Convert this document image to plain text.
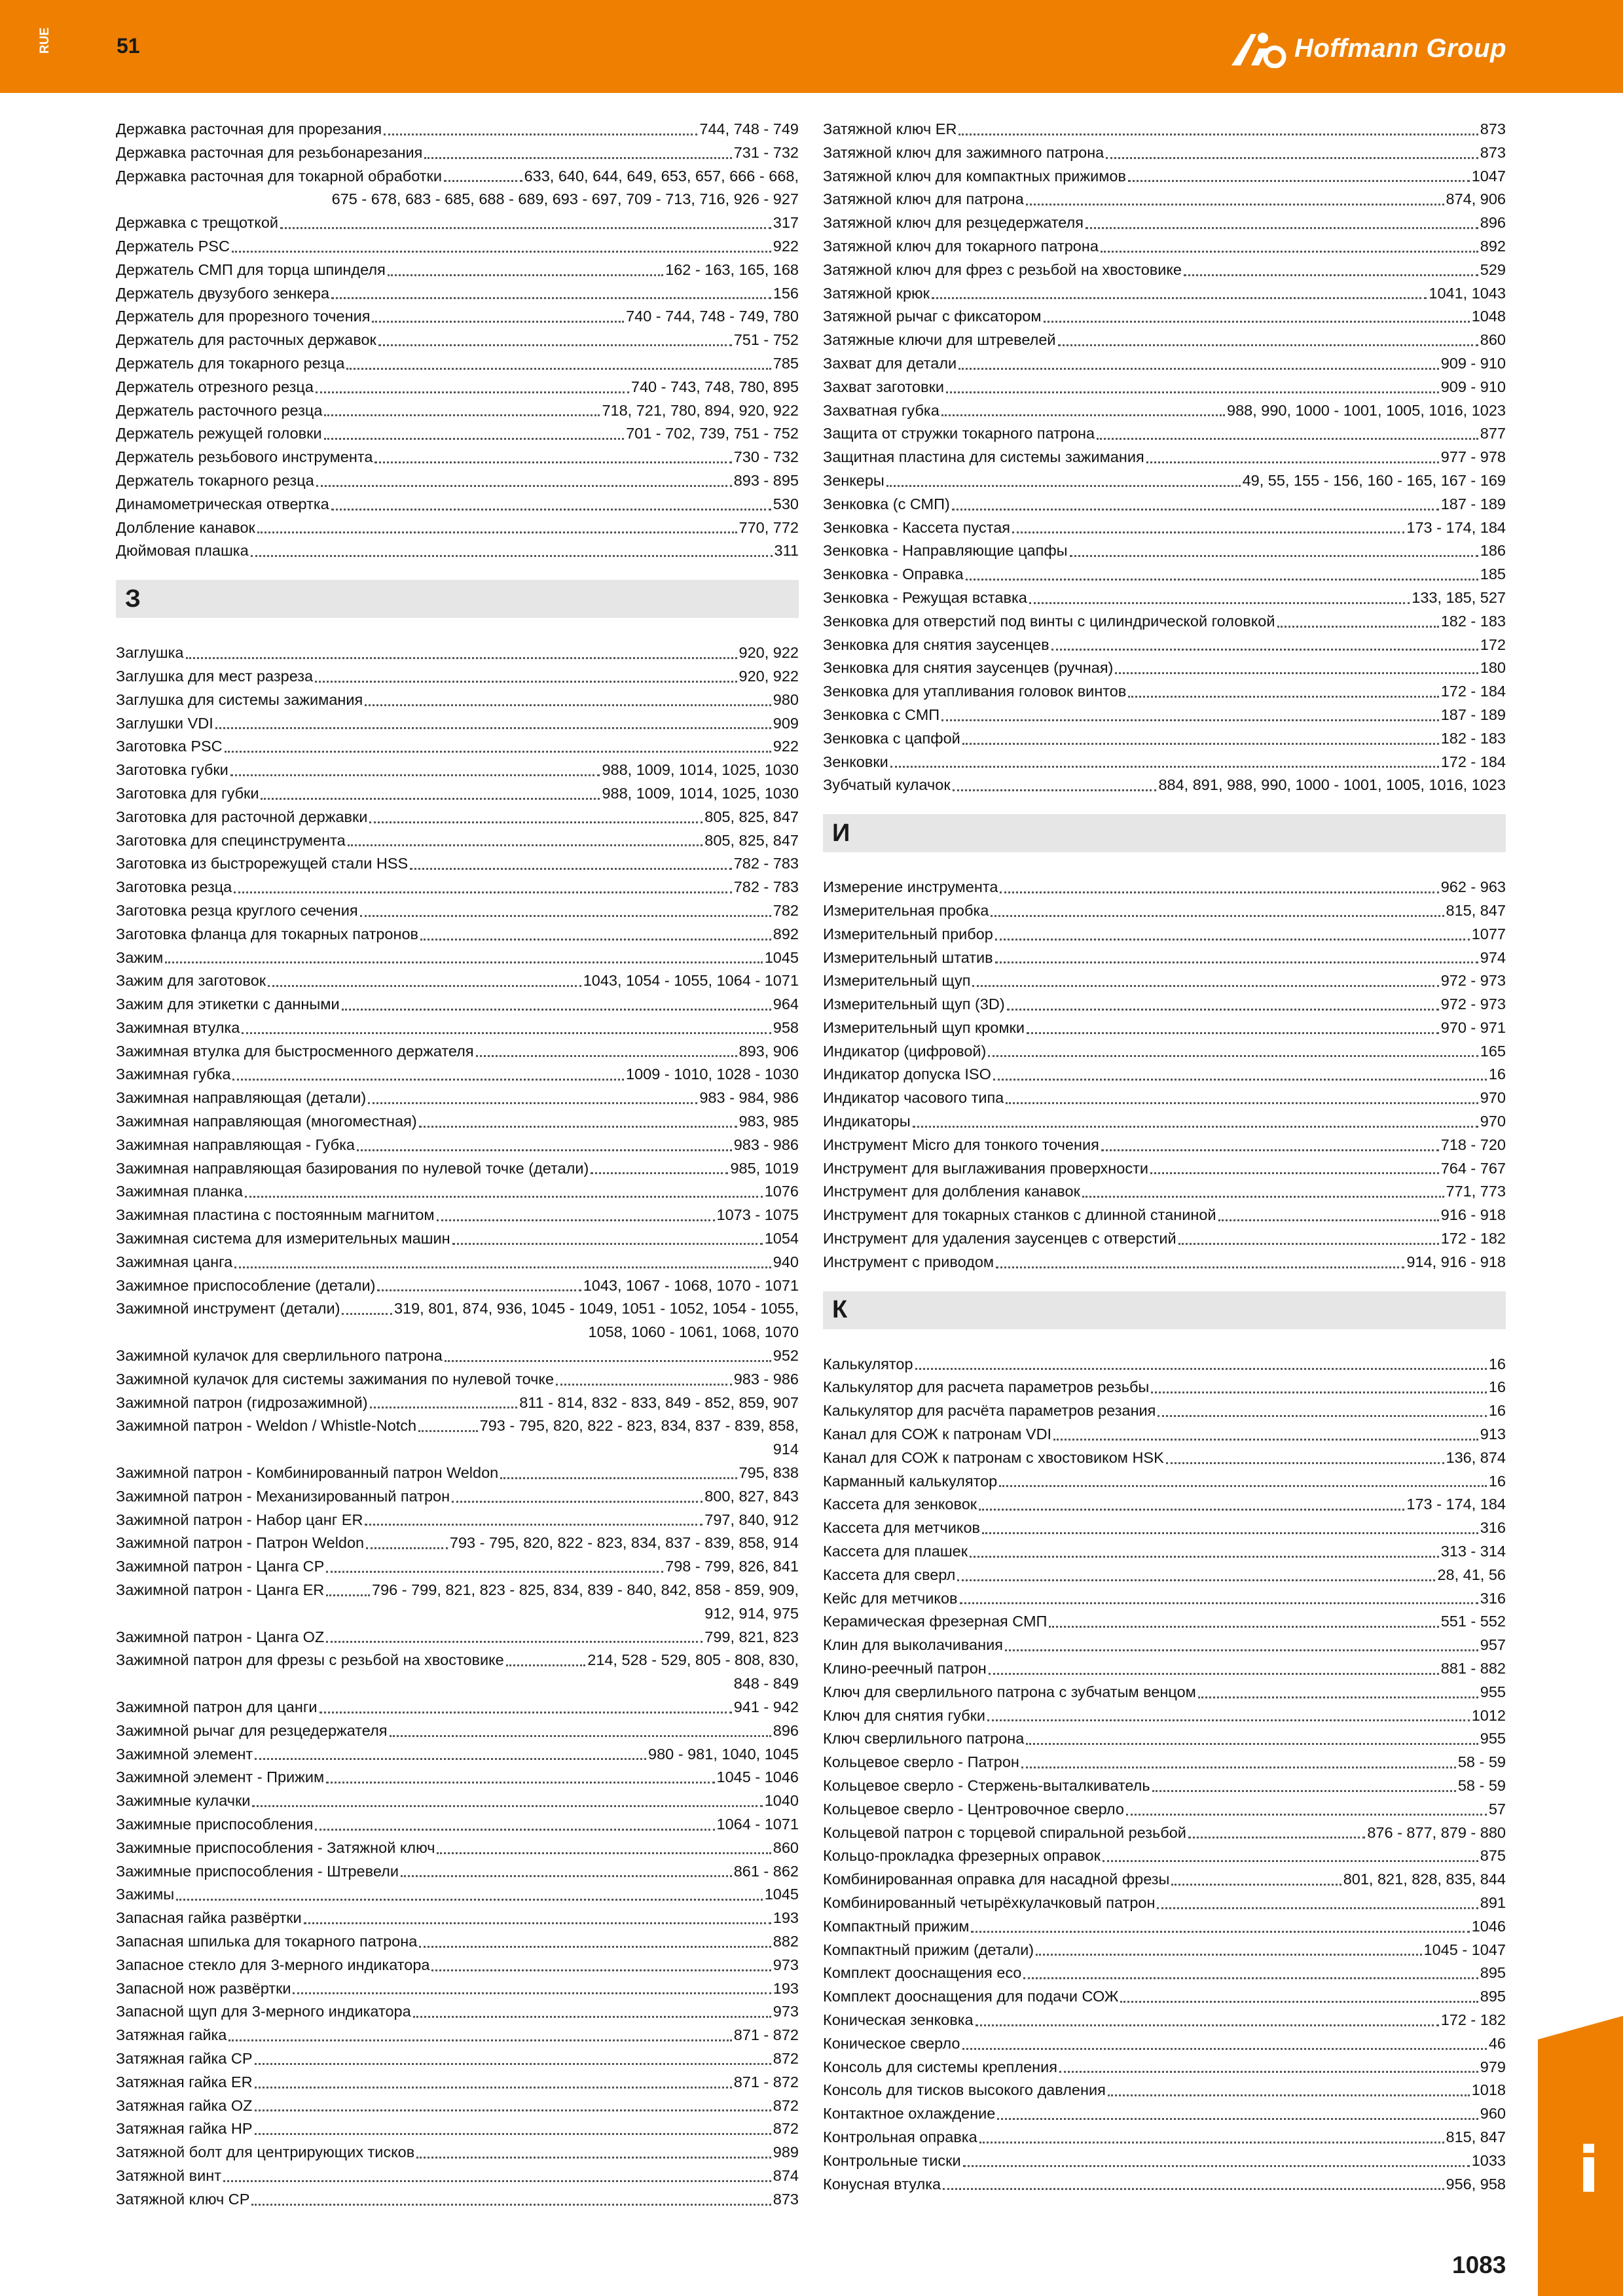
RUE	51	Hoffmann Group
Державка расточная для прорезания	744, 748 - 749
Державка расточная для резьбонарезания	731 - 732
Державка расточная для токарной обработки	633, 640, 644, 649, 653, 657, 666 - 668,
675 - 678, 683 - 685, 688 - 689, 693 - 697, 709 - 713, 716, 926 - 927
Державка с трещоткой	317
Держатель PSC	922
Держатель СМП для торца шпинделя	162 - 163, 165, 168
Держатель двузубого зенкера	156
Держатель для прорезного точения	740 - 744, 748 - 749, 780
Держатель для расточных державок	751 - 752
Держатель для токарного резца	785
Держатель отрезного резца	740 - 743, 748, 780, 895
Держатель расточного резца	718, 721, 780, 894, 920, 922
Держатель режущей головки	701 - 702, 739, 751 - 752
Держатель резьбового инструмента	730 - 732
Держатель токарного резца	893 - 895
Динамометрическая отвертка	530
Долбление канавок	770, 772
Дюймовая плашка	311
З
Заглушка	920, 922
Заглушка для мест разреза	920, 922
Заглушка для системы зажимания	980
Заглушки VDI	909
Заготовка PSC	922
Заготовка губки	988, 1009, 1014, 1025, 1030
Заготовка для губки	988, 1009, 1014, 1025, 1030
Заготовка для расточной державки	805, 825, 847
Заготовка для специнструмента	805, 825, 847
Заготовка из быстрорежущей стали HSS	782 - 783
Заготовка резца	782 - 783
Заготовка резца круглого сечения	782
Заготовка фланца для токарных патронов	892
Зажим	1045
Зажим для заготовок	1043, 1054 - 1055, 1064 - 1071
Зажим для этикетки с данными	964
Зажимная втулка	958
Зажимная втулка для быстросменного держателя	893, 906
Зажимная губка	1009 - 1010, 1028 - 1030
Зажимная направляющая (детали)	983 - 984, 986
Зажимная направляющая (многоместная)	983, 985
Зажимная направляющая - Губка	983 - 986
Зажимная направляющая базирования по нулевой точке (детали)	985, 1019
Зажимная планка	1076
Зажимная пластина с постоянным магнитом	1073 - 1075
Зажимная система для измерительных машин	1054
Зажимная цанга	940
Зажимное приспособление (детали)	1043, 1067 - 1068, 1070 - 1071
Зажимной инструмент (детали)	319, 801, 874, 936, 1045 - 1049, 1051 - 1052, 1054 - 1055,
1058, 1060 - 1061, 1068, 1070
Зажимной кулачок для сверлильного патрона	952
Зажимной кулачок для системы зажимания по нулевой точке	983 - 986
Зажимной патрон (гидрозажимной)	811 - 814, 832 - 833, 849 - 852, 859, 907
Зажимной патрон - Weldon / Whistle-Notch	793 - 795, 820, 822 - 823, 834, 837 - 839, 858,
914
Зажимной патрон - Комбинированный патрон Weldon	795, 838
Зажимной патрон - Механизированный патрон	800, 827, 843
Зажимной патрон - Набор цанг ER	797, 840, 912
Зажимной патрон - Патрон Weldon	793 - 795, 820, 822 - 823, 834, 837 - 839, 858, 914
Зажимной патрон - Цанга CP	798 - 799, 826, 841
Зажимной патрон - Цанга ER	796 - 799, 821, 823 - 825, 834, 839 - 840, 842, 858 - 859, 909,
912, 914, 975
Зажимной патрон - Цанга OZ	799, 821, 823
Зажимной патрон для фрезы с резьбой на хвостовике	214, 528 - 529, 805 - 808, 830,
848 - 849
Зажимной патрон для цанги	941 - 942
Зажимной рычаг для резцедержателя	896
Зажимной элемент	980 - 981, 1040, 1045
Зажимной элемент - Прижим	1045 - 1046
Зажимные кулачки	1040
Зажимные приспособления	1064 - 1071
Зажимные приспособления - Затяжной ключ	860
Зажимные приспособления - Штревели	861 - 862
Зажимы	1045
Запасная гайка развёртки	193
Запасная шпилька для токарного патрона	882
Запасное стекло для 3-мерного индикатора	973
Запасной нож развёртки	193
Запасной щуп для 3-мерного индикатора	973
Затяжная гайка	871 - 872
Затяжная гайка CP	872
Затяжная гайка ER	871 - 872
Затяжная гайка OZ	872
Затяжная гайка HP	872
Затяжной болт для центрирующих тисков	989
Затяжной винт	874
Затяжной ключ CP	873
Затяжной ключ ER	873
Затяжной ключ для зажимного патрона	873
Затяжной ключ для компактных прижимов	1047
Затяжной ключ для патрона	874, 906
Затяжной ключ для резцедержателя	896
Затяжной ключ для токарного патрона	892
Затяжной ключ для фрез с резьбой на хвостовике	529
Затяжной крюк	1041, 1043
Затяжной рычаг с фиксатором	1048
Затяжные ключи для штревелей	860
Захват для детали	909 - 910
Захват заготовки	909 - 910
Захватная губка	988, 990, 1000 - 1001, 1005, 1016, 1023
Защита от стружки токарного патрона	877
Защитная пластина для системы зажимания	977 - 978
Зенкеры	49, 55, 155 - 156, 160 - 165, 167 - 169
Зенковка (с СМП)	187 - 189
Зенковка - Кассета пустая	173 - 174, 184
Зенковка - Направляющие цапфы	186
Зенковка - Оправка	185
Зенковка - Режущая вставка	133, 185, 527
Зенковка для отверстий под винты с цилиндрической головкой	182 - 183
Зенковка для снятия заусенцев	172
Зенковка для снятия заусенцев (ручная)	180
Зенковка для утапливания головок винтов	172 - 184
Зенковка с СМП	187 - 189
Зенковка с цапфой	182 - 183
Зенковки	172 - 184
Зубчатый кулачок	884, 891, 988, 990, 1000 - 1001, 1005, 1016, 1023
И
Измерение инструмента	962 - 963
Измерительная пробка	815, 847
Измерительный прибор	1077
Измерительный штатив	974
Измерительный щуп	972 - 973
Измерительный щуп (3D)	972 - 973
Измерительный щуп кромки	970 - 971
Индикатор (цифровой)	165
Индикатор допуска ISO	16
Индикатор часового типа	970
Индикаторы	970
Инструмент Micro для тонкого точения	718 - 720
Инструмент для выглаживания проверхности	764 - 767
Инструмент для долбления канавок	771, 773
Инструмент для токарных станков с длинной станиной	916 - 918
Инструмент для удаления заусенцев с отверстий	172 - 182
Инструмент с приводом	914, 916 - 918
К
Калькулятор	16
Калькулятор для расчета параметров резьбы	16
Калькулятор для расчёта параметров резания	16
Канал для СОЖ к патронам VDI	913
Канал для СОЖ к патронам с хвостовиком HSK	136, 874
Карманный калькулятор	16
Кассета для зенковок	173 - 174, 184
Кассета для метчиков	316
Кассета для плашек	313 - 314
Кассета для сверл	28, 41, 56
Кейс для метчиков	316
Керамическая фрезерная СМП	551 - 552
Клин для выколачивания	957
Клино-реечный патрон	881 - 882
Ключ для сверлильного патрона с зубчатым венцом	955
Ключ для снятия губки	1012
Ключ сверлильного патрона	955
Кольцевое сверло - Патрон	58 - 59
Кольцевое сверло - Стержень-выталкиватель	58 - 59
Кольцевое сверло - Центровочное сверло	57
Кольцевой патрон с торцевой спиральной резьбой	876 - 877, 879 - 880
Кольцо-прокладка фрезерных оправок	875
Комбинированная оправка для насадной фрезы	801, 821, 828, 835, 844
Комбинированный четырёхкулачковый патрон	891
Компактный прижим	1046
Компактный прижим (детали)	1045 - 1047
Комплект дооснащения eco	895
Комплект дооснащения для подачи СОЖ	895
Коническая зенковка	172 - 182
Коническое сверло	46
Консоль для системы крепления	979
Консоль для тисков высокого давления	1018
Контактное охлаждение	960
Контрольная оправка	815, 847
Контрольные тиски	1033
Конусная втулка	956, 958 i
1083
